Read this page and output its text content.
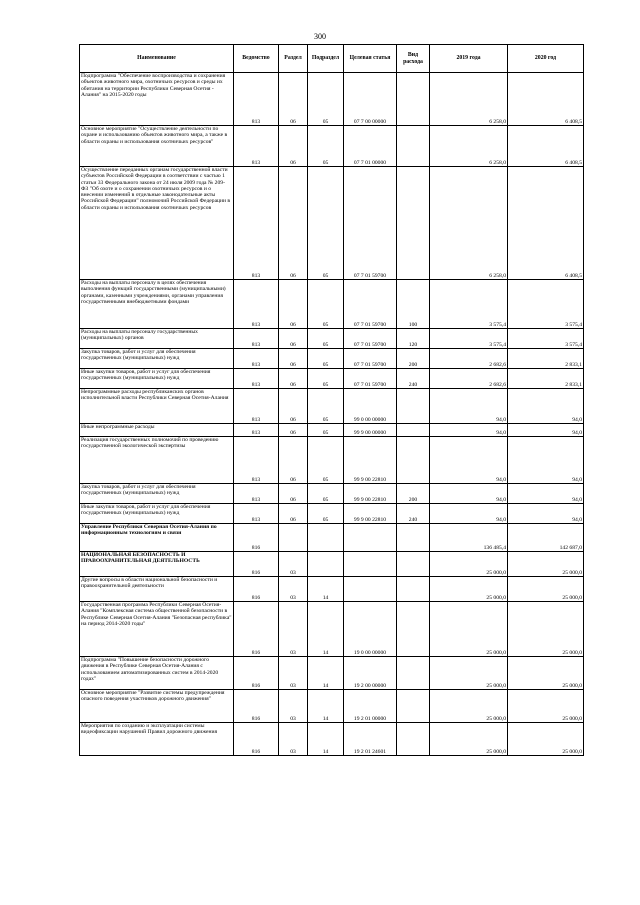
300
Наименование	Ведомство	Раздел	Подраздел	Целевая статья	Вид расхода	2019 года	2020 год
Подпрограмма "Обеспечение воспроизводства и сохранения объектов животного мира, охотничьих ресурсов и среды их обитания на территории Республики Северная Осетия - Алания" на 2015-2020 годы	813	06	05	07 7 00 00000		6 258,0	6 408,5
Основное мероприятие "Осуществление деятельности по охране и использованию объектов животного мира, а также в области охраны и использования охотничьих ресурсов"	813	06	05	07 7 01 00000		6 258,0	6 408,5
Осуществление переданных органам государственной власти субъектов Российской Федерации в соответствии с частью 1 статьи 33 Федерального закона от 24 июля 2009 года № 209-ФЗ "Об охоте и о сохранении охотничьих ресурсов и о внесении изменений в отдельные законодательные акты Российской Федерации" полномочий Российской Федерации в области охраны и использования охотничьих ресурсов	813	06	05	07 7 01 59700		6 258,0	6 408,5
Расходы на выплаты персоналу в целях обеспечения выполнения функций государственными (муниципальными) органами, казенными учреждениями, органами управления государственными внебюджетными фондами	813	06	05	07 7 01 59700	100	3 575,4	3 575,4
Расходы на выплаты персоналу государственных (муниципальных) органов	813	06	05	07 7 01 59700	120	3 575,4	3 575,4
Закупка товаров, работ и услуг для обеспечения государственных (муниципальных) нужд	813	06	05	07 7 01 59700	200	2 682,6	2 833,1
Иные закупки товаров, работ и услуг для обеспечения государственных (муниципальных) нужд	813	06	05	07 7 01 59700	240	2 682,6	2 833,1
Непрограммные расходы республиканских органов исполнительной власти Республики Северная Осетия-Алания	813	06	05	99 0 00 00000		94,0	94,0
Иные непрограммные расходы	813	06	05	99 9 00 00000		94,0	94,0
Реализация государственных полномочий по проведению государственной экологической экспертизы	813	06	05	99 9 00 22810		94,0	94,0
Закупка товаров, работ и услуг для обеспечения государственных (муниципальных) нужд	813	06	05	99 9 00 22810	200	94,0	94,0
Иные закупки товаров, работ и услуг для обеспечения государственных (муниципальных) нужд	813	06	05	99 9 00 22810	240	94,0	94,0
Управление Республики Северная Осетия-Алания по информационным технологиям и связи	816					136 485,4	142 687,0
НАЦИОНАЛЬНАЯ БЕЗОПАСНОСТЬ И ПРАВООХРАНИТЕЛЬНАЯ ДЕЯТЕЛЬНОСТЬ	816	03				25 000,0	25 000,0
Другие вопросы в области национальной безопасности и правоохранительной деятельности	816	03	14			25 000,0	25 000,0
Государственная программа Республики Северная Осетия-Алания "Комплексная система общественной безопасности в Республике Северная Осетия-Алания "Безопасная республика" на период 2014-2020 годы"	816	03	14	19 0 00 00000		25 000,0	25 000,0
Подпрограмма "Повышение безопасности дорожного движения в Республике Северная Осетия-Алания с использованием автоматизированных систем в 2014-2020 годах"	816	03	14	19 2 00 00000		25 000,0	25 000,0
Основное мероприятие "Развитие системы предупреждения опасного поведения участников дорожного движения"	816	03	14	19 2 01 00000		25 000,0	25 000,0
Мероприятия по созданию и эксплуатации системы видеофиксации нарушений Правил дорожного движения	816	03	14	19 2 01 24601		25 000,0	25 000,0
